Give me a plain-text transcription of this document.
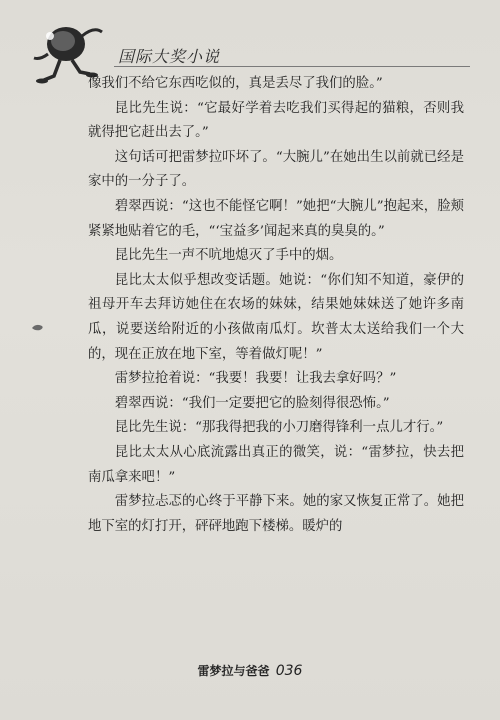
国际大奖小说

像我们不给它东西吃似的，真是丢尽了我们的脸。”

昆比先生说：“它最好学着去吃我们买得起的猫粮，否则我就得把它赶出去了。”

这句话可把雷梦拉吓坏了。“大腕儿”在她出生以前就已经是家中的一分子了。

碧翠西说：“这也不能怪它啊！”她把“大腕儿”抱起来，脸颊紧紧地贴着它的毛，“‘宝益多’闻起来真的臭臭的。”

昆比先生一声不吭地熄灭了手中的烟。

昆比太太似乎想改变话题。她说：“你们知不知道，豪伊的祖母开车去拜访她住在农场的妹妹，结果她妹妹送了她许多南瓜，说要送给附近的小孩做南瓜灯。坎普太太送给我们一个大的，现在正放在地下室，等着做灯呢！”

雷梦拉抢着说：“我要！我要！让我去拿好吗？”

碧翠西说：“我们一定要把它的脸刻得很恐怖。”

昆比先生说：“那我得把我的小刀磨得锋利一点儿才行。”

昆比太太从心底流露出真正的微笑，说：“雷梦拉，快去把南瓜拿来吧！”

雷梦拉忐忑的心终于平静下来。她的家又恢复正常了。她把地下室的灯打开，砰砰地跑下楼梯。暖炉的

雷梦拉与爸爸 036
